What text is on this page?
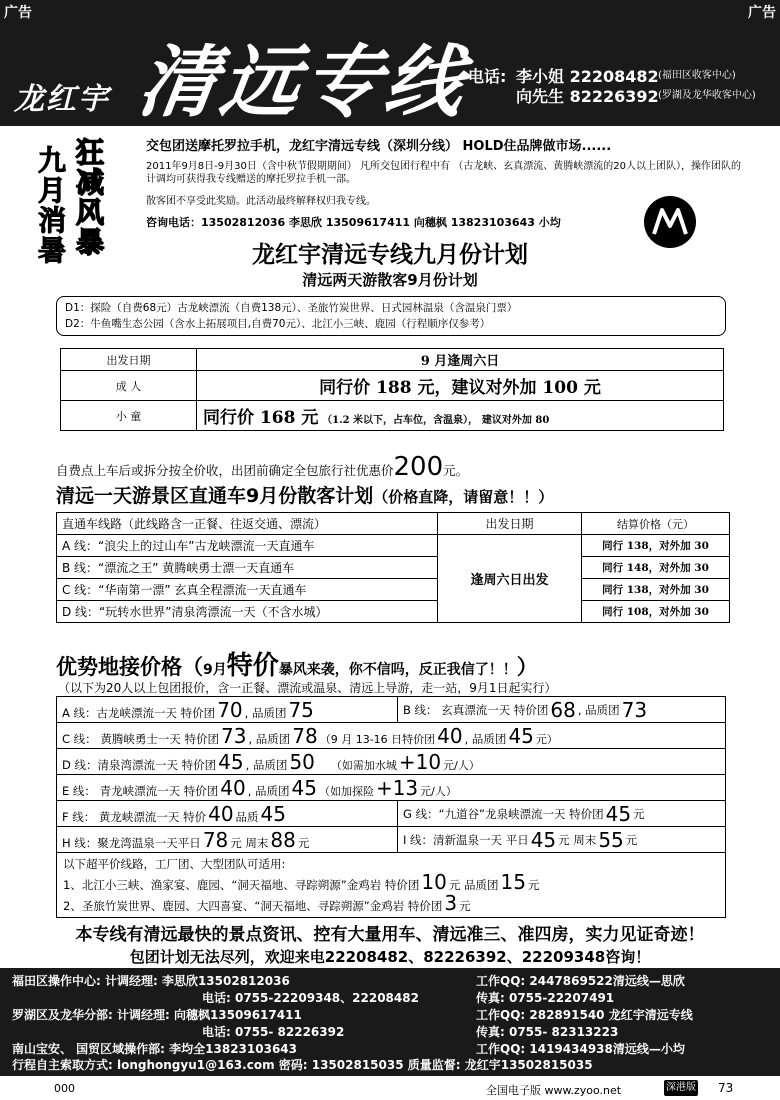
广告	广告
龙红宇 清远专线
电话: 李小姐 22208482 (福田区收客中心)
向先生 82226392 (罗湖及龙华收客中心)
九
月
消
暑
狂
减
风
暴
交包团送摩托罗拉手机，龙红宇清远专线（深圳分线） HOLD住品牌做市场......
2011年9月8日-9月30日（含中秋节假期期间） 凡所交包团行程中有 （古龙峡、玄真漂流、黄腾峡漂流的20人以上团队），操作团队的计调均可获得我专线赠送的摩托罗拉手机一部。
散客团不享受此奖励。此活动最终解释权归我专线。
咨询电话：13502812036 李思欣 13509617411 向穗枫 13823103643 小均
龙红宇清远专线九月份计划
清远两天游散客9月份计划
D1：探险（自费68元）古龙峡漂流（自费138元）、圣旅竹炭世界、日式园林温泉（含温泉门票）
D2：牛鱼嘴生态公园（含水上拓展项目,自费70元）、北江小三峡、鹿园（行程顺序仅参考）
出发日期	9 月逢周六日
成 人	同行价 188 元，建议对外加 100 元
小 童	同行价 168 元 （1.2 米以下，占车位，含温泉）， 建议对外加 80
自费点上车后或拆分按全价收，出团前确定全包旅行社优惠价200元。
清远一天游景区直通车9月份散客计划（价格直降，请留意！！）
直通车线路（此线路含一正餐、往返交通、漂流）	出发日期	结算价格（元）
A 线：“浪尖上的过山车”古龙峡漂流一天直通车	逢周六日出发	同行 138，对外加 30
B 线：“漂流之王” 黄腾峡勇士漂一天直通车		同行 148，对外加 30
C 线：“华南第一漂” 玄真全程漂流一天直通车		同行 138，对外加 30
D 线：“玩转水世界”清泉湾漂流一天（不含水城）		同行 108，对外加 30
优势地接价格（9月特价暴风来袭，你不信吗，反正我信了！！）
（以下为20人以上包团报价，含一正餐、漂流或温泉、清远上导游，走一站，9月1日起实行）
A 线：古龙峡漂流一天 特价团 70 , 品质团 75	B 线： 玄真漂流一天 特价团 68 , 品质团 73
C 线： 黄腾峡勇士一天 特价团 73 , 品质团 78 （9 月 13-16 日特价团 40 , 品质团 45 元）
D 线：清泉湾漂流一天 特价团 45 , 品质团 50 （如需加水城 +10 元/人）
E 线： 青龙峡漂流一天 特价团 40 , 品质团 45 （如加探险 +13 元/人）
F 线： 黄龙峡漂流一天 特价 40 品质 45	G 线：“九道谷”龙泉峡漂流一天 特价团 45 元
H 线：聚龙湾温泉一天平日 78 元 周末 88 元	I 线：清新温泉一天 平日 45 元 周末 55 元
以下超平价线路，工厂团、大型团队可适用:
1、北江小三峡、渔家宴、鹿园、“洞天福地、寻踪朔源”金鸡岩 特价团 10 元 品质团 15 元
2、圣旅竹炭世界、鹿园、大四喜宴、“洞天福地、寻踪朔源”金鸡岩 特价团 3 元
本专线有清远最快的景点资讯、控有大量用车、清远准三、准四房，实力见证奇迹！
包团计划无法尽列，欢迎来电22208482、82226392、22209348咨询！
福田区操作中心: 计调经理: 李思欣13502812036	工作QQ: 2447869522清远线—思欣
电话: 0755-22209348、22208482	传真: 0755-22207491
罗湖区及龙华分部: 计调经理: 向穗枫13509617411	工作QQ: 282891540 龙红宇清远专线
电话: 0755- 82226392	传真: 0755- 82313223
南山宝安、 国贸区域操作部: 李均全13823103643	工作QQ: 1419434938清远线—小均
行程自主索取方式: longhongyu1@163.com 密码: 13502815035 质量监督: 龙红宇13502815035
000	全国电子版 www.zyoo.net	深港版 73
